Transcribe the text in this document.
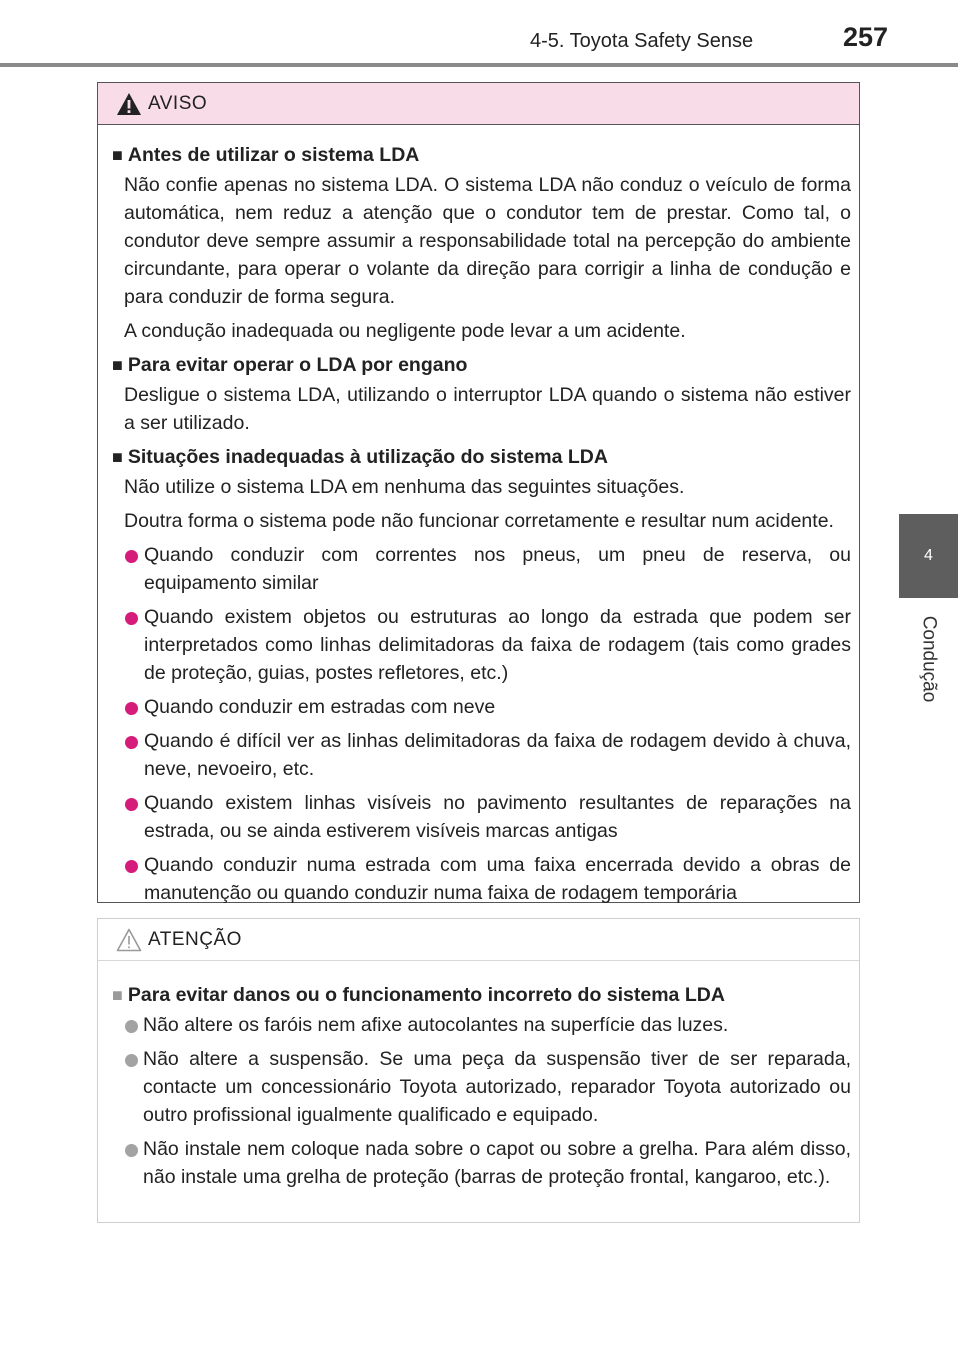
4-5. Toyota Safety Sense	257
4
Condução
AVISO
■ Antes de utilizar o sistema LDA
Não confie apenas no sistema LDA. O sistema LDA não conduz o veículo de forma automática, nem reduz a atenção que o condutor tem de prestar. Como tal, o condutor deve sempre assumir a responsabilidade total na percepção do ambiente circundante, para operar o volante da direção para corrigir a linha de condução e para conduzir de forma segura.
A condução inadequada ou negligente pode levar a um acidente.
■ Para evitar operar o LDA por engano
Desligue o sistema LDA, utilizando o interruptor LDA quando o sistema não estiver a ser utilizado.
■ Situações inadequadas à utilização do sistema LDA
Não utilize o sistema LDA em nenhuma das seguintes situações.
Doutra forma o sistema pode não funcionar corretamente e resultar num acidente.
Quando conduzir com correntes nos pneus, um pneu de reserva, ou equipamento similar
Quando existem objetos ou estruturas ao longo da estrada que podem ser interpretados como linhas delimitadoras da faixa de rodagem (tais como grades de proteção, guias, postes refletores, etc.)
Quando conduzir em estradas com neve
Quando é difícil ver as linhas delimitadoras da faixa de rodagem devido à chuva, neve, nevoeiro, etc.
Quando existem linhas visíveis no pavimento resultantes de reparações na estrada, ou se ainda estiverem visíveis marcas antigas
Quando conduzir numa estrada com uma faixa encerrada devido a obras de manutenção ou quando conduzir numa faixa de rodagem temporária
ATENÇÃO
■ Para evitar danos ou o funcionamento incorreto do sistema LDA
Não altere os faróis nem afixe autocolantes na superfície das luzes.
Não altere a suspensão. Se uma peça da suspensão tiver de ser reparada, contacte um concessionário Toyota autorizado, reparador Toyota autorizado ou outro profissional igualmente qualificado e equipado.
Não instale nem coloque nada sobre o capot ou sobre a grelha. Para além disso, não instale uma grelha de proteção (barras de proteção frontal, kangaroo, etc.).
